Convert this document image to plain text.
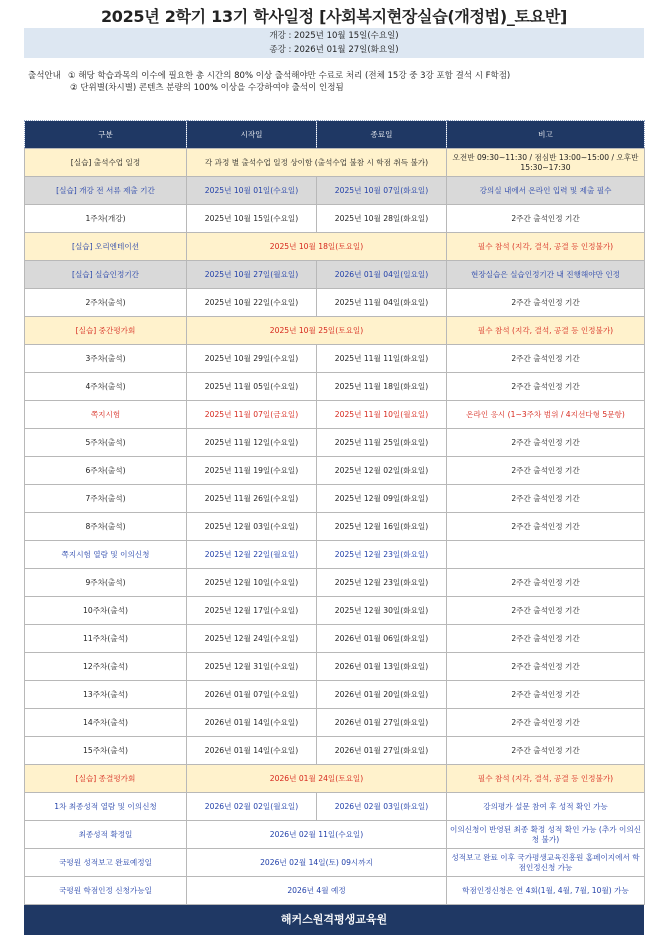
2025년 2학기 13기 학사일정 [사회복지현장실습(개정법)_토요반]
개강 : 2025년 10월 15일(수요일)
종강 : 2026년 01월 27일(화요일)
출석안내 ① 해당 학습과목의 이수에 필요한 총 시간의 80% 이상 출석해야만 수료로 처리 (전체 15강 중 3강 포함 결석 시 F학점)
② 단위별(차시별) 콘텐츠 분량의 100% 이상을 수강하여야 출석이 인정됨
구분	시작일	종료일	비고
[실습] 출석수업 일정	각 과정 별 출석수업 일정 상이함 (출석수업 불참 시 학점 취득 불가)		오전반 09:30~11:30 / 점심반 13:00~15:00 / 오후반 15:30~17:30
[실습] 개강 전 서류 제출 기간	2025년 10월 01일(수요일)	2025년 10월 07일(화요일)	강의실 내에서 온라인 입력 및 제출 필수
1주차(개강)	2025년 10월 15일(수요일)	2025년 10월 28일(화요일)	2주간 출석인정 기간
[실습] 오리엔테이션	2025년 10월 18일(토요일)		필수 참석 (지각, 결석, 공결 등 인정불가)
[실습] 실습인정기간	2025년 10월 27일(월요일)	2026년 01월 04일(일요일)	현장실습은 실습인정기간 내 진행해야만 인정
2주차(출석)	2025년 10월 22일(수요일)	2025년 11월 04일(화요일)	2주간 출석인정 기간
[실습] 중간평가회	2025년 10월 25일(토요일)		필수 참석 (지각, 결석, 공결 등 인정불가)
3주차(출석)	2025년 10월 29일(수요일)	2025년 11월 11일(화요일)	2주간 출석인정 기간
4주차(출석)	2025년 11월 05일(수요일)	2025년 11월 18일(화요일)	2주간 출석인정 기간
쪽지시험	2025년 11월 07일(금요일)	2025년 11월 10일(월요일)	온라인 응시 (1~3주차 범위 / 4지선다형 5문항)
5주차(출석)	2025년 11월 12일(수요일)	2025년 11월 25일(화요일)	2주간 출석인정 기간
6주차(출석)	2025년 11월 19일(수요일)	2025년 12월 02일(화요일)	2주간 출석인정 기간
7주차(출석)	2025년 11월 26일(수요일)	2025년 12월 09일(화요일)	2주간 출석인정 기간
8주차(출석)	2025년 12월 03일(수요일)	2025년 12월 16일(화요일)	2주간 출석인정 기간
쪽지시험 열람 및 이의신청	2025년 12월 22일(월요일)	2025년 12월 23일(화요일)	
9주차(출석)	2025년 12월 10일(수요일)	2025년 12월 23일(화요일)	2주간 출석인정 기간
10주차(출석)	2025년 12월 17일(수요일)	2025년 12월 30일(화요일)	2주간 출석인정 기간
11주차(출석)	2025년 12월 24일(수요일)	2026년 01월 06일(화요일)	2주간 출석인정 기간
12주차(출석)	2025년 12월 31일(수요일)	2026년 01월 13일(화요일)	2주간 출석인정 기간
13주차(출석)	2026년 01월 07일(수요일)	2026년 01월 20일(화요일)	2주간 출석인정 기간
14주차(출석)	2026년 01월 14일(수요일)	2026년 01월 27일(화요일)	2주간 출석인정 기간
15주차(출석)	2026년 01월 14일(수요일)	2026년 01월 27일(화요일)	2주간 출석인정 기간
[실습] 종결평가회	2026년 01월 24일(토요일)		필수 참석 (지각, 결석, 공결 등 인정불가)
1차 최종성적 열람 및 이의신청	2026년 02월 02일(월요일)	2026년 02월 03일(화요일)	강의평가 설문 참여 후 성적 확인 가능
최종성적 확정일	2026년 02월 11일(수요일)		이의신청이 반영된 최종 확정 성적 확인 가능 (추가 이의신청 불가)
국평원 성적보고 완료예정일	2026년 02월 14일(토) 09시까지		성적보고 완료 이후 국가평생교육진흥원 홈페이지에서 학점인정신청 가능
국평원 학점인정 신청가능일	2026년 4월 예정		학점인정신청은 연 4회(1월, 4월, 7월, 10월) 가능
해커스원격평생교육원
